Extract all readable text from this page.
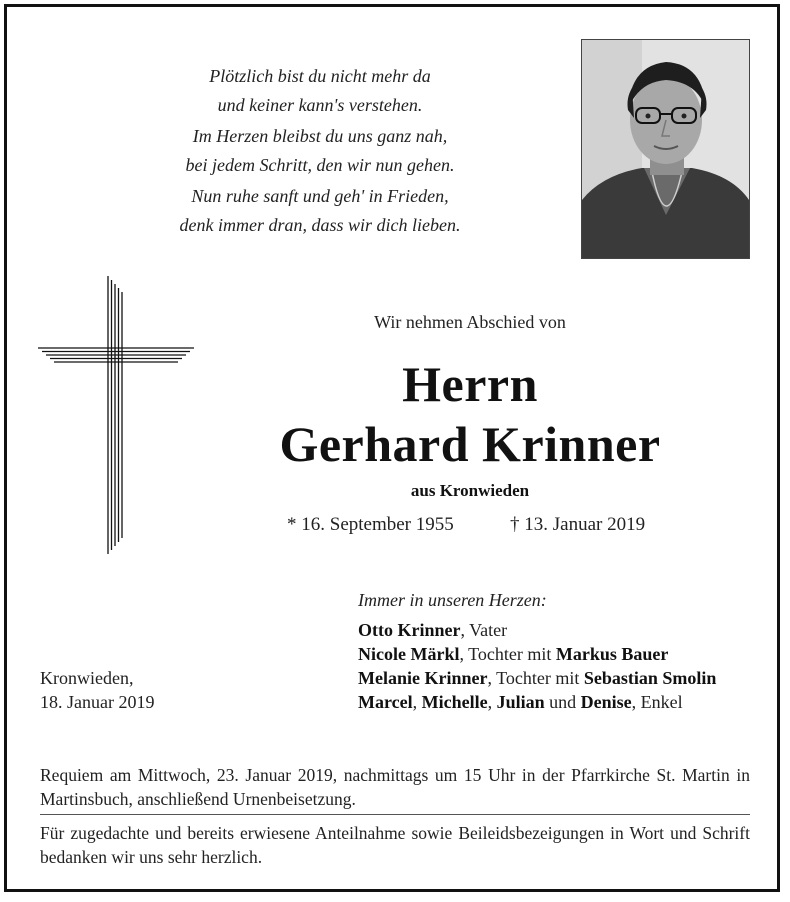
Plötzlich bist du nicht mehr da
und keiner kann's verstehen.
Im Herzen bleibst du uns ganz nah,
bei jedem Schritt, den wir nun gehen.
Nun ruhe sanft und geh' in Frieden,
denk immer dran, dass wir dich lieben.
Wir nehmen Abschied von
Herrn
Gerhard Krinner
aus Kronwieden
* 16. September 1955	† 13. Januar 2019
Immer in unseren Herzen:
Otto Krinner, Vater
Nicole Märkl, Tochter mit Markus Bauer
Melanie Krinner, Tochter mit Sebastian Smolin
Marcel, Michelle, Julian und Denise, Enkel
Kronwieden,
18. Januar 2019
Requiem am Mittwoch, 23. Januar 2019, nachmittags um 15 Uhr in der Pfarrkirche St. Martin in Martinsbuch, anschließend Urnenbeisetzung.
Für zugedachte und bereits erwiesene Anteilnahme sowie Beileidsbezeigungen in Wort und Schrift bedanken wir uns sehr herzlich.
